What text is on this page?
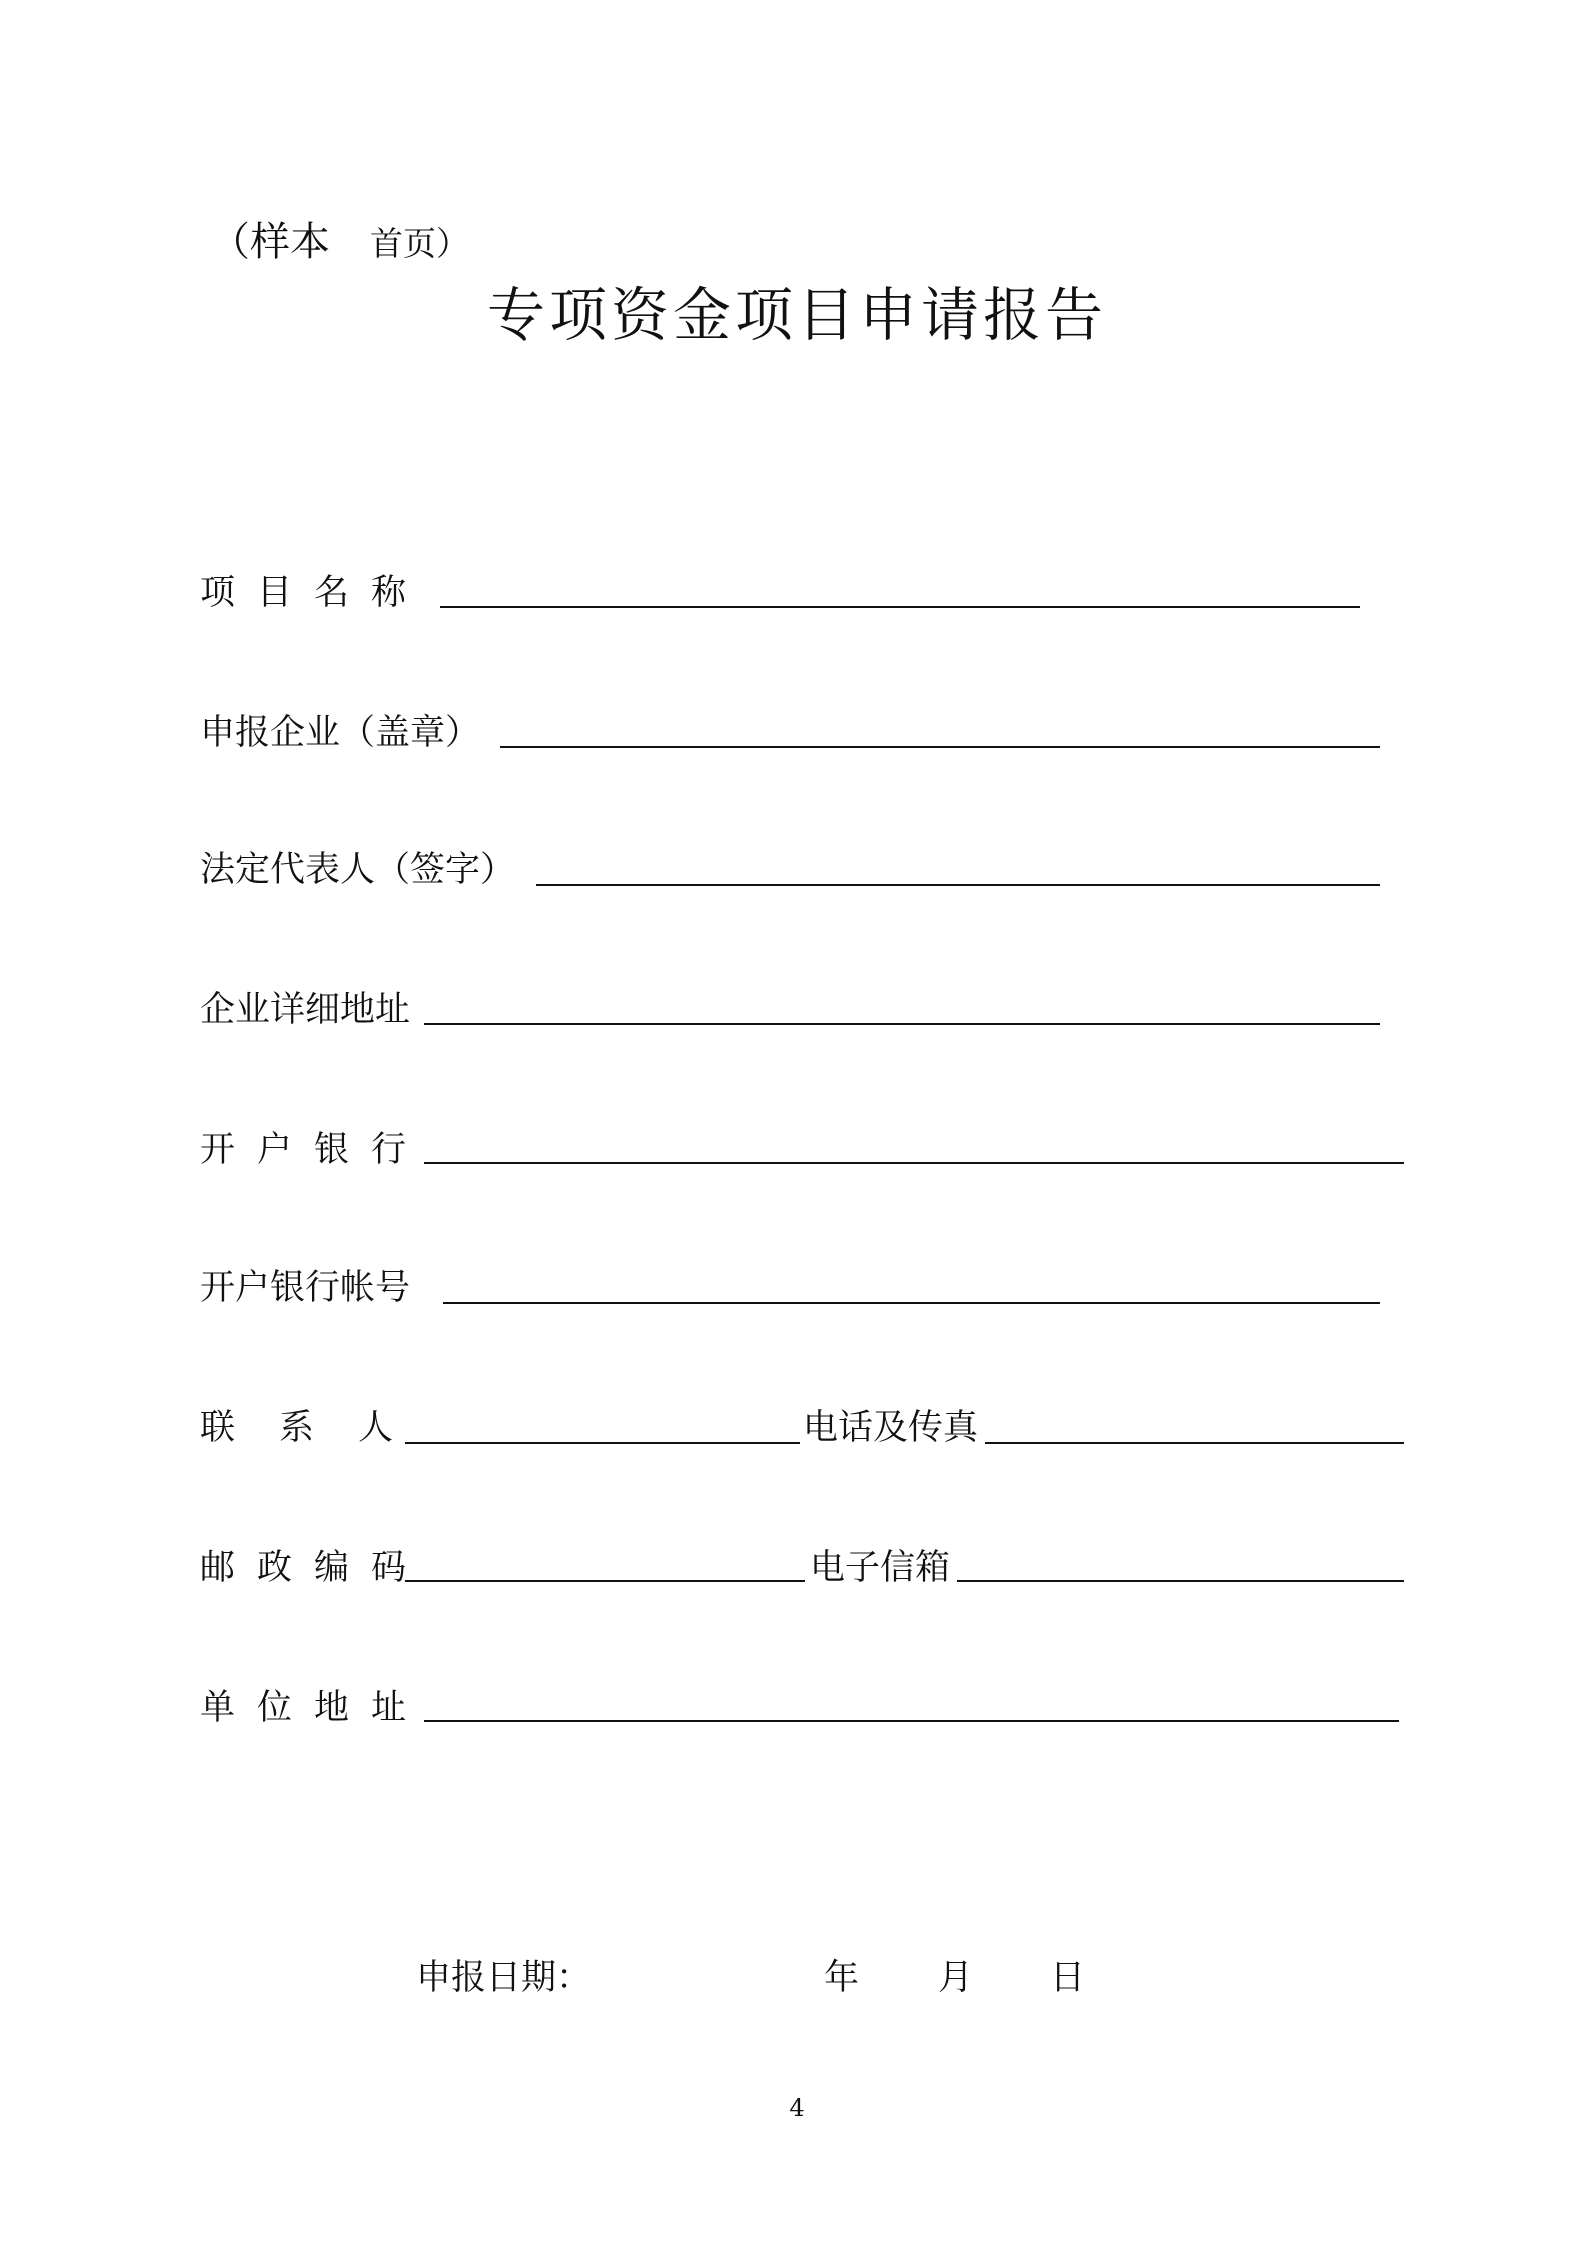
（样本 首页）
专项资金项目申请报告
项目名称
申报企业（盖章）
法定代表人（签字）
企业详细地址
开户银行
开户银行帐号
联系人	电话及传真
邮政编码	电子信箱
单位地址
申报日期：	年 月 日
4
